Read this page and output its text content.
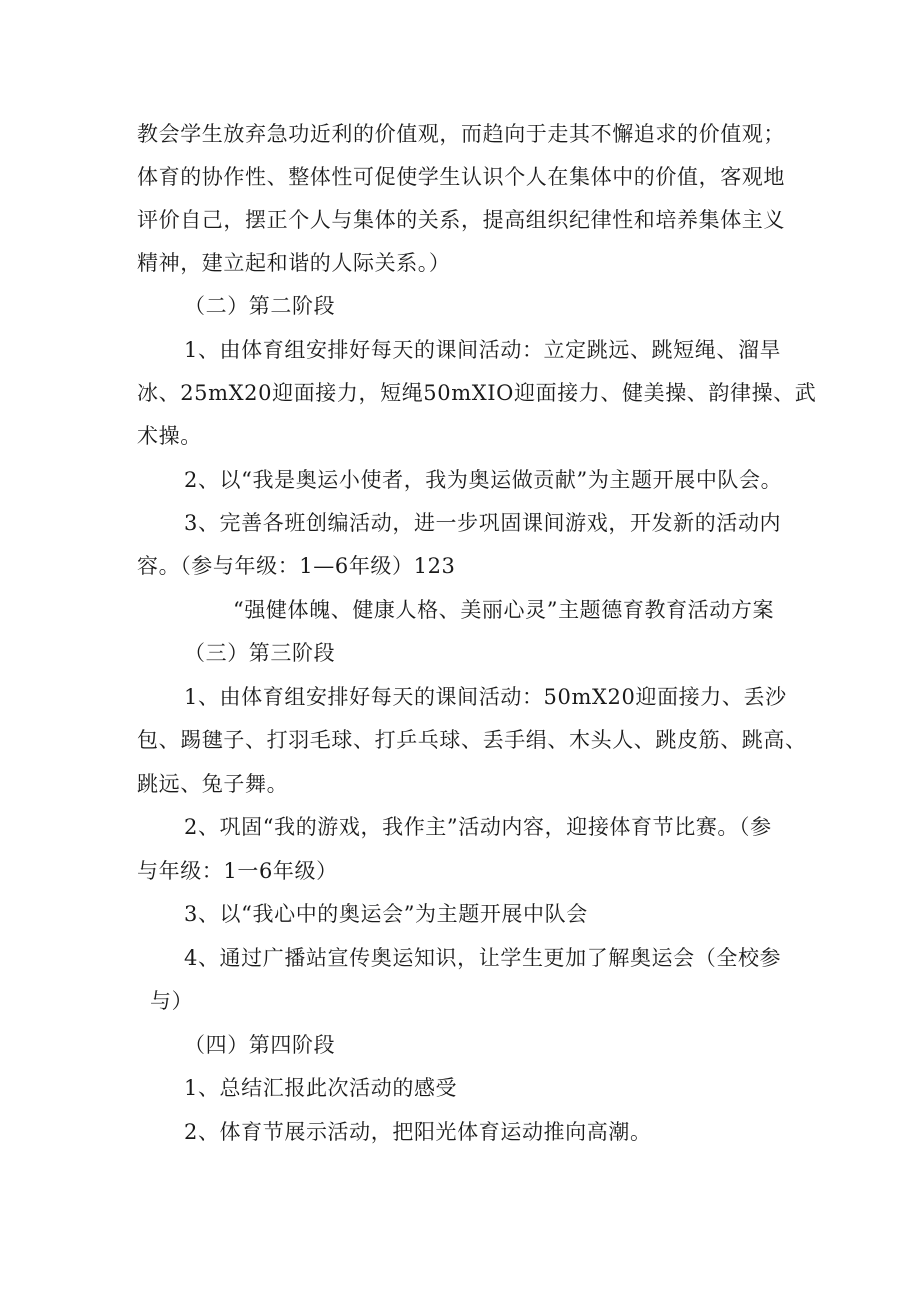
教会学生放弃急功近利的价值观，而趋向于走其不懈追求的价值观；
体育的协作性、整体性可促使学生认识个人在集体中的价值，客观地
评价自己，摆正个人与集体的关系，提高组织纪律性和培养集体主义
精神，建立起和谐的人际关系。）
（二）第二阶段
1、由体育组安排好每天的课间活动：立定跳远、跳短绳、溜旱
冰、25mX20迎面接力，短绳50mXIO迎面接力、健美操、韵律操、武
术操。
2、以“我是奥运小使者，我为奥运做贡献”为主题开展中队会。
3、完善各班创编活动，进一步巩固课间游戏，开发新的活动内
容。（参与年级：1—6年级）123
“强健体魄、健康人格、美丽心灵”主题德育教育活动方案
（三）第三阶段
1、由体育组安排好每天的课间活动：50mX20迎面接力、丢沙
包、踢毽子、打羽毛球、打乒乓球、丢手绢、木头人、跳皮筋、跳高、
跳远、兔子舞。
2、巩固“我的游戏，我作主”活动内容，迎接体育节比赛。（参
与年级：1一6年级）
3、以“我心中的奥运会”为主题开展中队会
4、通过广播站宣传奥运知识，让学生更加了解奥运会（全校参
与）
（四）第四阶段
1、总结汇报此次活动的感受
2、体育节展示活动，把阳光体育运动推向高潮。
